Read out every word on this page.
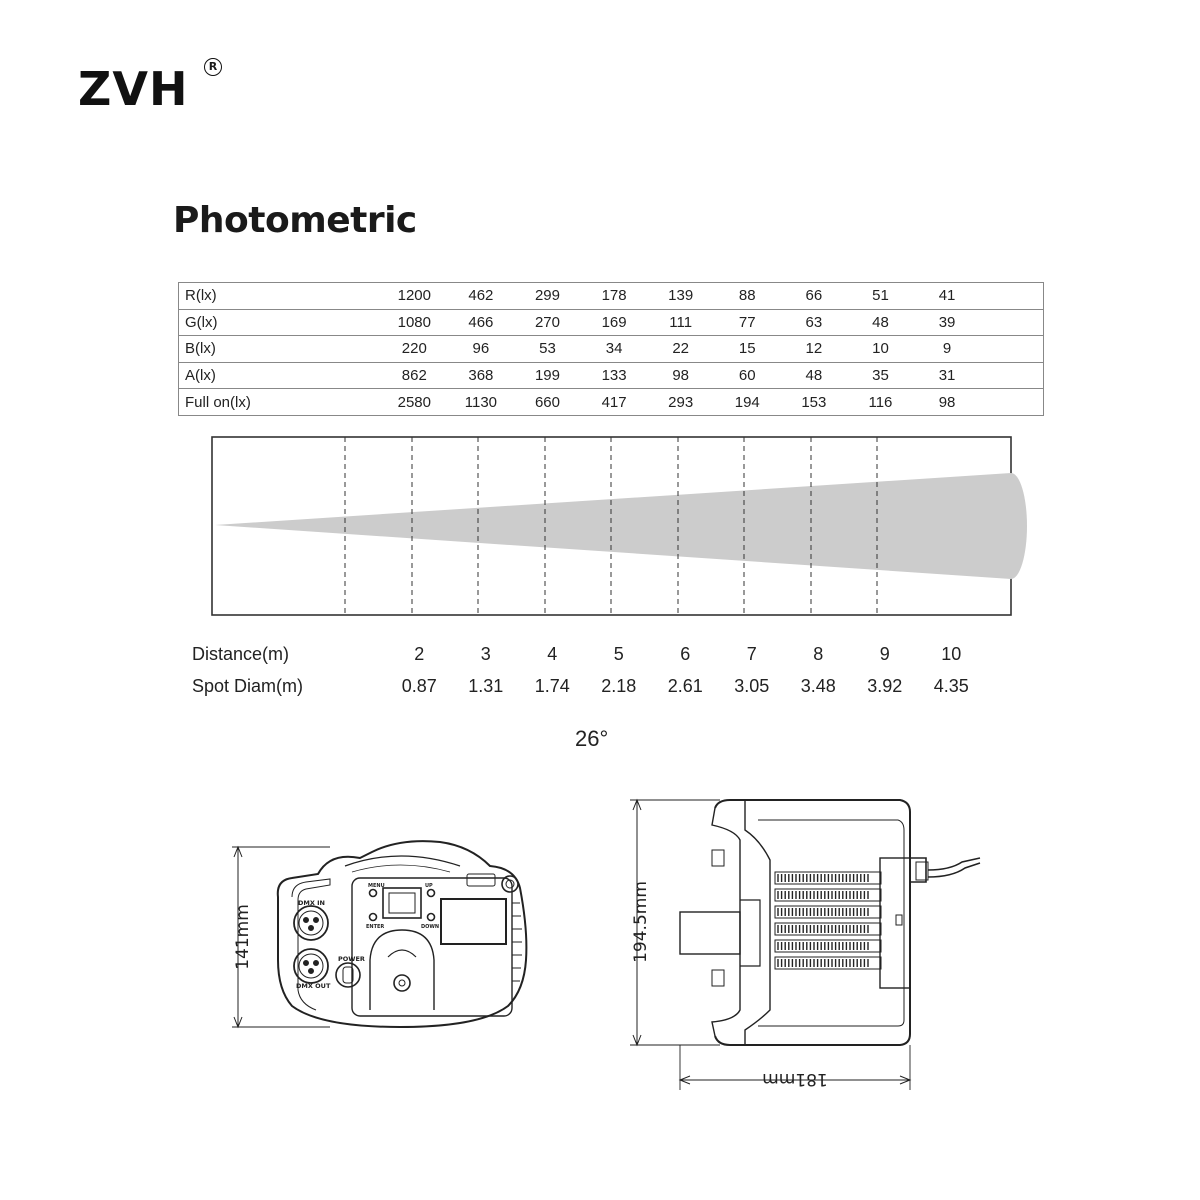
ZVH	R
Photometric
R(lx)	1200	462	299	178	139	88	66	51	41	
G(lx)	1080	466	270	169	111	77	63	48	39	
B(lx)	220	96	53	34	22	15	12	10	9	
A(lx)	862	368	199	133	98	60	48	35	31	
Full on(lx)	2580	1130	660	417	293	194	153	116	98	
Distance(m)	2	3	4	5	6	7	8	9	10
Spot Diam(m)	0.87	1.31	1.74	2.18	2.61	3.05	3.48	3.92	4.35
26°
DMX IN
DMX OUT
POWER
MENU	UP
ENTER	DOWN
141mm	194.5mm
181mm
